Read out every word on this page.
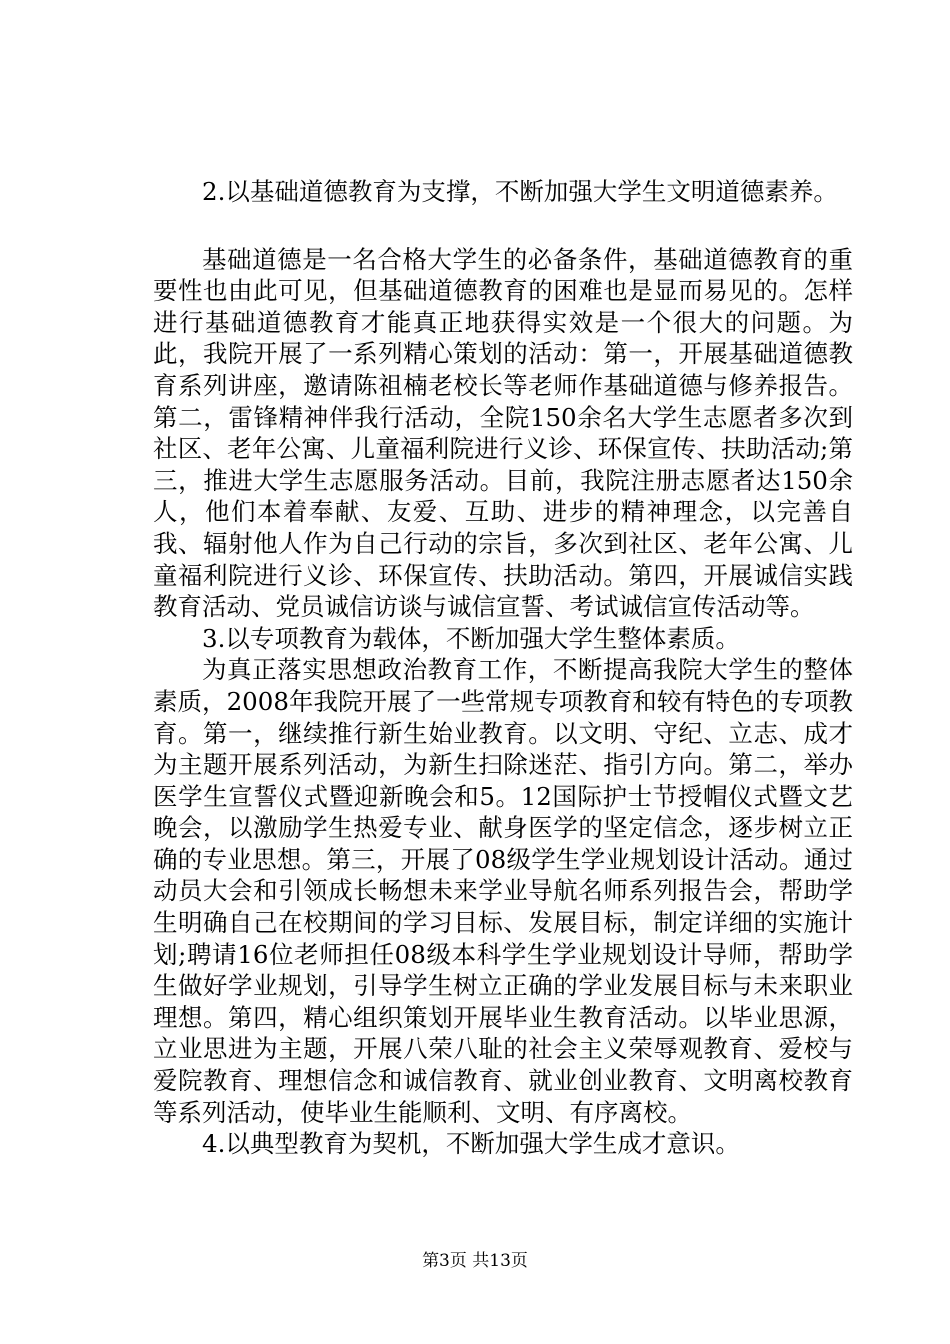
2.以基础道德教育为支撑，不断加强大学生文明道德素养。

基础道德是一名合格大学生的必备条件，基础道德教育的重要性也由此可见，但基础道德教育的困难也是显而易见的。怎样进行基础道德教育才能真正地获得实效是一个很大的问题。为此，我院开展了一系列精心策划的活动：第一，开展基础道德教育系列讲座，邀请陈祖楠老校长等老师作基础道德与修养报告。第二，雷锋精神伴我行活动，全院150余名大学生志愿者多次到社区、老年公寓、儿童福利院进行义诊、环保宣传、扶助活动;第三，推进大学生志愿服务活动。目前，我院注册志愿者达150余人，他们本着奉献、友爱、互助、进步的精神理念，以完善自我、辐射他人作为自己行动的宗旨，多次到社区、老年公寓、儿童福利院进行义诊、环保宣传、扶助活动。第四，开展诚信实践教育活动、党员诚信访谈与诚信宣誓、考试诚信宣传活动等。

3.以专项教育为载体，不断加强大学生整体素质。

为真正落实思想政治教育工作，不断提高我院大学生的整体素质，2008年我院开展了一些常规专项教育和较有特色的专项教育。第一，继续推行新生始业教育。以文明、守纪、立志、成才为主题开展系列活动，为新生扫除迷茫、指引方向。第二，举办医学生宣誓仪式暨迎新晚会和5。12国际护士节授帽仪式暨文艺晚会，以激励学生热爱专业、献身医学的坚定信念，逐步树立正确的专业思想。第三，开展了08级学生学业规划设计活动。通过动员大会和引领成长畅想未来学业导航名师系列报告会，帮助学生明确自己在校期间的学习目标、发展目标，制定详细的实施计划;聘请16位老师担任08级本科学生学业规划设计导师，帮助学生做好学业规划，引导学生树立正确的学业发展目标与未来职业理想。第四，精心组织策划开展毕业生教育活动。以毕业思源，立业思进为主题，开展八荣八耻的社会主义荣辱观教育、爱校与爱院教育、理想信念和诚信教育、就业创业教育、文明离校教育等系列活动，使毕业生能顺利、文明、有序离校。

4.以典型教育为契机，不断加强大学生成才意识。

第3页 共13页
